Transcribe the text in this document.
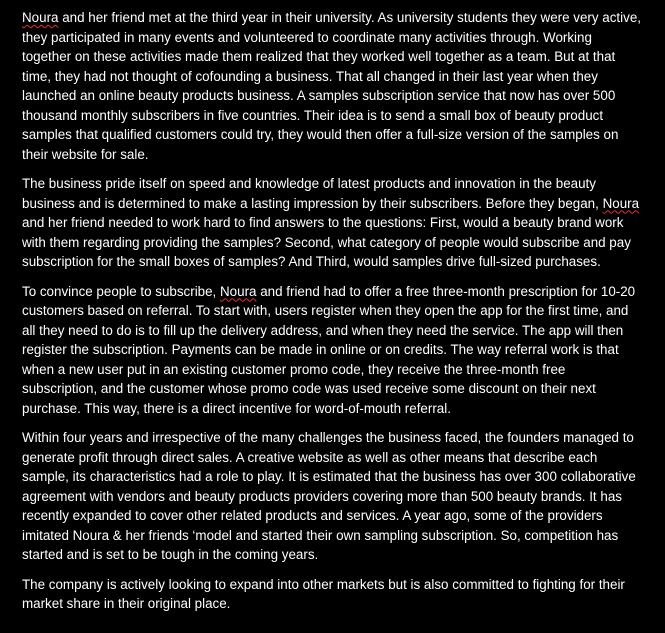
Noura and her friend met at the third year in their university. As university students they were very active, they participated in many events and volunteered to coordinate many activities through. Working together on these activities made them realized that they worked well together as a team. But at that time, they had not thought of cofounding a business. That all changed in their last year when they launched an online beauty products business. A samples subscription service that now has over 500 thousand monthly subscribers in five countries. Their idea is to send a small box of beauty product samples that qualified customers could try, they would then offer a full-size version of the samples on their website for sale.

The business pride itself on speed and knowledge of latest products and innovation in the beauty business and is determined to make a lasting impression by their subscribers. Before they began, Noura and her friend needed to work hard to find answers to the questions: First, would a beauty brand work with them regarding providing the samples? Second, what category of people would subscribe and pay subscription for the small boxes of samples? And Third, would samples drive full-sized purchases.

To convince people to subscribe, Noura and friend had to offer a free three-month prescription for 10-20 customers based on referral. To start with, users register when they open the app for the first time, and all they need to do is to fill up the delivery address, and when they need the service. The app will then register the subscription. Payments can be made in online or on credits. The way referral work is that when a new user put in an existing customer promo code, they receive the three-month free subscription, and the customer whose promo code was used receive some discount on their next purchase. This way, there is a direct incentive for word-of-mouth referral.

Within four years and irrespective of the many challenges the business faced, the founders managed to generate profit through direct sales. A creative website as well as other means that describe each sample, its characteristics had a role to play. It is estimated that the business has over 300 collaborative agreement with vendors and beauty products providers covering more than 500 beauty brands. It has recently expanded to cover other related products and services. A year ago, some of the providers imitated Noura & her friends ‘model and started their own sampling subscription. So, competition has started and is set to be tough in the coming years.

The company is actively looking to expand into other markets but is also committed to fighting for their market share in their original place.
